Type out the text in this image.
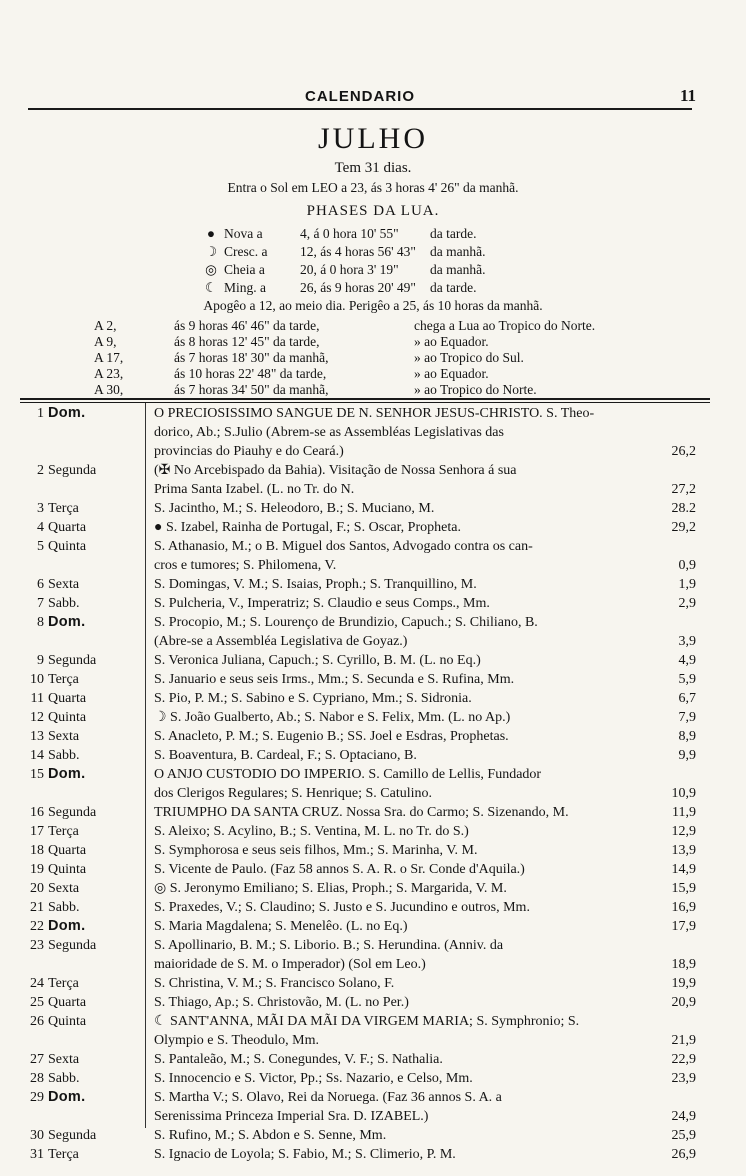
CALENDARIO	11
JULHO
Tem 31 dias.
Entra o Sol em LEO a 23, ás 3 horas 4' 26" da manhã.
PHASES DA LUA.
● Nova a	4, á 0 hora 10' 55" da tarde.
☽ Cresc. a 12, ás 4 horas 56' 43" da manhã.
◎ Cheia a	20, á 0 hora 3' 19" da manhã.
☾ Ming. a	26, ás 9 horas 20' 49" da tarde.
Apogêo a 12, ao meio dia. Perigêo a 25, ás 10 horas da manhã.
A 2,	ás 9 horas 46' 46" da tarde,	chega a Lua ao Tropico do Norte.
A 9,	ás 8 horas 12' 45" da tarde,	» ao Equador.
A 17,	ás 7 horas 18' 30" da manhã,	» ao Tropico do Sul.
A 23,	ás 10 horas 22' 48" da tarde,	» ao Equador.
A 30,	ás 7 horas 34' 50" da manhã,	» ao Tropico do Norte.
1 Dom.	O PRECIOSISSIMO SANGUE DE N. SENHOR JESUS-CHRISTO. S. Theo-
dorico, Ab.; S.Julio (Abrem-se as Assembléas Legislativas das
provincias do Piauhy e do Ceará.)	26,2
2 Segunda	(✠ No Arcebispado da Bahia). Visitação de Nossa Senhora á sua
Prima Santa Izabel. (L. no Tr. do N.	27,2
3 Terça	S. Jacintho, M.; S. Heleodoro, B.; S. Muciano, M.	28.2
4 Quarta	● S. Izabel, Rainha de Portugal, F.; S. Oscar, Propheta.	29,2
5 Quinta	S. Athanasio, M.; o B. Miguel dos Santos, Advogado contra os can-
cros e tumores; S. Philomena, V.	0,9
6 Sexta	S. Domingas, V. M.; S. Isaias, Proph.; S. Tranquillino, M.	1,9
7 Sabb.	S. Pulcheria, V., Imperatriz; S. Claudio e seus Comps., Mm.	2,9
8 Dom.	S. Procopio, M.; S. Lourenço de Brundizio, Capuch.; S. Chiliano, B.
(Abre-se a Assembléa Legislativa de Goyaz.)	3,9
9 Segunda	S. Veronica Juliana, Capuch.; S. Cyrillo, B. M. (L. no Eq.)	4,9
10 Terça	S. Januario e seus seis Irms., Mm.; S. Secunda e S. Rufina, Mm.	5,9
11 Quarta	S. Pio, P. M.; S. Sabino e S. Cypriano, Mm.; S. Sidronia.	6,7
12 Quinta	☽ S. João Gualberto, Ab.; S. Nabor e S. Felix, Mm. (L. no Ap.)	7,9
13 Sexta	S. Anacleto, P. M.; S. Eugenio B.; SS. Joel e Esdras, Prophetas.	8,9
14 Sabb.	S. Boaventura, B. Cardeal, F.; S. Optaciano, B.	9,9
15 Dom.	O ANJO CUSTODIO DO IMPERIO. S. Camillo de Lellis, Fundador
dos Clerigos Regulares; S. Henrique; S. Catulino.	10,9
16 Segunda	TRIUMPHO DA SANTA CRUZ. Nossa Sra. do Carmo; S. Sizenando, M.	11,9
17 Terça	S. Aleixo; S. Acylino, B.; S. Ventina, M. L. no Tr. do S.)	12,9
18 Quarta	S. Symphorosa e seus seis filhos, Mm.; S. Marinha, V. M.	13,9
19 Quinta	S. Vicente de Paulo. (Faz 58 annos S. A. R. o Sr. Conde d'Aquila.)	14,9
20 Sexta	◎ S. Jeronymo Emiliano; S. Elias, Proph.; S. Margarida, V. M.	15,9
21 Sabb.	S. Praxedes, V.; S. Claudino; S. Justo e S. Jucundino e outros, Mm.	16,9
22 Dom.	S. Maria Magdalena; S. Menelêo. (L. no Eq.)	17,9
23 Segunda	S. Apollinario, B. M.; S. Liborio. B.; S. Herundina. (Anniv. da
maioridade de S. M. o Imperador) (Sol em Leo.)	18,9
24 Terça	S. Christina, V. M.; S. Francisco Solano, F.	19,9
25 Quarta	S. Thiago, Ap.; S. Christovão, M. (L. no Per.)	20,9
26 Quinta	☾ SANT'ANNA, MÃI DA MÃI DA VIRGEM MARIA; S. Symphronio; S.
Olympio e S. Theodulo, Mm.	21,9
27 Sexta	S. Pantaleão, M.; S. Conegundes, V. F.; S. Nathalia.	22,9
28 Sabb.	S. Innocencio e S. Victor, Pp.; Ss. Nazario, e Celso, Mm.	23,9
29 Dom.	S. Martha V.; S. Olavo, Rei da Noruega. (Faz 36 annos S. A. a
Serenissima Princeza Imperial Sra. D. IZABEL.)	24,9
30 Segunda	S. Rufino, M.; S. Abdon e S. Senne, Mm.	25,9
31 Terça	S. Ignacio de Loyola; S. Fabio, M.; S. Climerio, P. M.	26,9
